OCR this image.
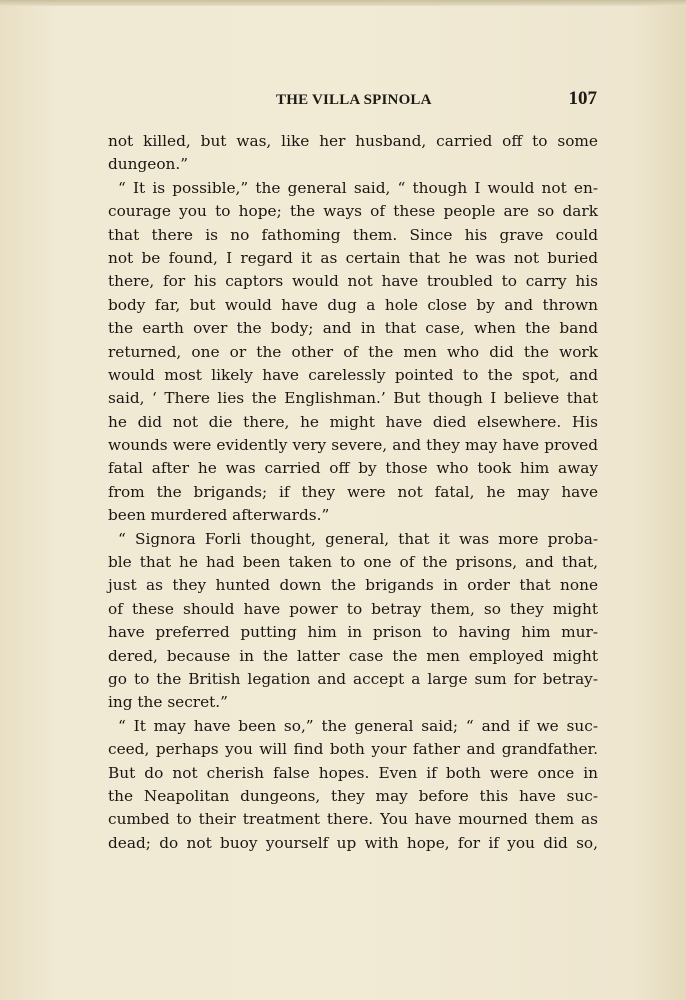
THE VILLA SPINOLA	107
not killed, but was, like her husband, carried off to some
dungeon.”
“ It is possible,” the general said, “ though I would not en-
courage you to hope; the ways of these people are so dark
that there is no fathoming them. Since his grave could
not be found, I regard it as certain that he was not buried
there, for his captors would not have troubled to carry his
body far, but would have dug a hole close by and thrown
the earth over the body; and in that case, when the band
returned, one or the other of the men who did the work
would most likely have carelessly pointed to the spot, and
said, ‘ There lies the Englishman.’ But though I believe that
he did not die there, he might have died elsewhere. His
wounds were evidently very severe, and they may have proved
fatal after he was carried off by those who took him away
from the brigands; if they were not fatal, he may have
been murdered afterwards.”
“ Signora Forli thought, general, that it was more proba-
ble that he had been taken to one of the prisons, and that,
just as they hunted down the brigands in order that none
of these should have power to betray them, so they might
have preferred putting him in prison to having him mur-
dered, because in the latter case the men employed might
go to the British legation and accept a large sum for betray-
ing the secret.”
“ It may have been so,” the general said; “ and if we suc-
ceed, perhaps you will find both your father and grandfather.
But do not cherish false hopes. Even if both were once in
the Neapolitan dungeons, they may before this have suc-
cumbed to their treatment there. You have mourned them as
dead; do not buoy yourself up with hope, for if you did so,
